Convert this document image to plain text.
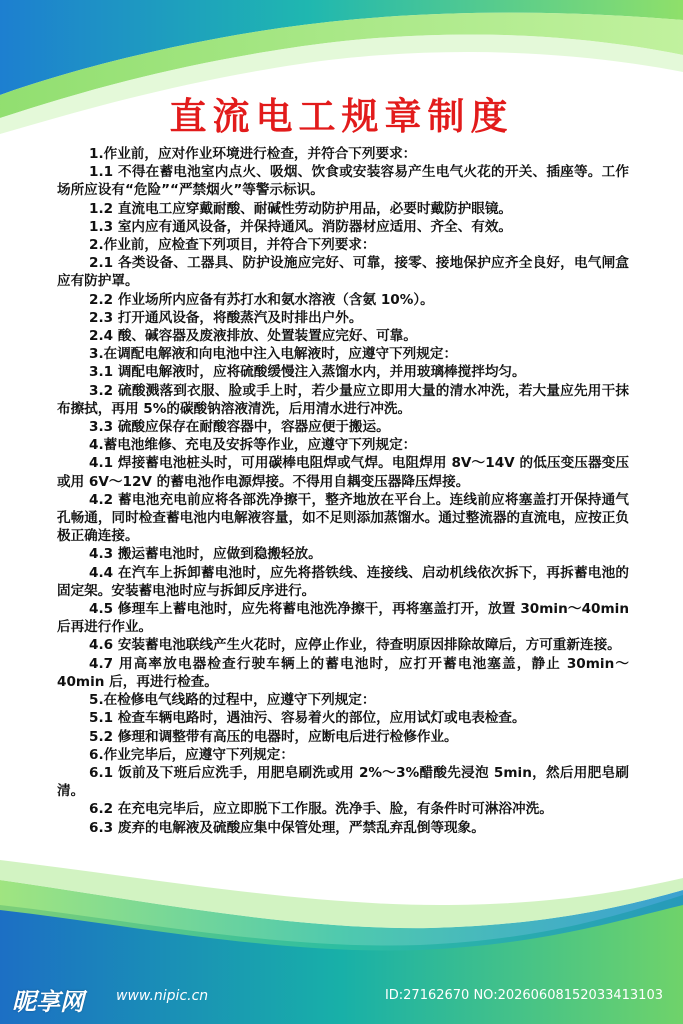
直流电工规章制度

1.作业前，应对作业环境进行检查，并符合下列要求：

1.1 不得在蓄电池室内点火、吸烟、饮食或安装容易产生电气火花的开关、插座等。工作场所应设有“危险”“严禁烟火”等警示标识。

1.2 直流电工应穿戴耐酸、耐碱性劳动防护用品，必要时戴防护眼镜。

1.3 室内应有通风设备，并保持通风。消防器材应适用、齐全、有效。

2.作业前，应检查下列项目，并符合下列要求：

2.1 各类设备、工器具、防护设施应完好、可靠，接零、接地保护应齐全良好，电气闸盒应有防护罩。

2.2 作业场所内应备有苏打水和氨水溶液（含氨 10%）。

2.3 打开通风设备，将酸蒸汽及时排出户外。

2.4 酸、碱容器及废液排放、处置装置应完好、可靠。

3.在调配电解液和向电池中注入电解液时，应遵守下列规定：

3.1 调配电解液时，应将硫酸缓慢注入蒸馏水内，并用玻璃棒搅拌均匀。

3.2 硫酸溅落到衣服、脸或手上时，若少量应立即用大量的清水冲洗，若大量应先用干抹布擦拭，再用 5%的碳酸钠溶液清洗，后用清水进行冲洗。

3.3 硫酸应保存在耐酸容器中，容器应便于搬运。

4.蓄电池维修、充电及安拆等作业，应遵守下列规定：

4.1 焊接蓄电池桩头时，可用碳棒电阻焊或气焊。电阻焊用 8V～14V 的低压变压器变压或用 6V～12V 的蓄电池作电源焊接。不得用自耦变压器降压焊接。

4.2 蓄电池充电前应将各部洗净擦干，整齐地放在平台上。连线前应将塞盖打开保持通气孔畅通，同时检查蓄电池内电解液容量，如不足则添加蒸馏水。通过整流器的直流电，应按正负极正确连接。

4.3 搬运蓄电池时，应做到稳搬轻放。

4.4 在汽车上拆卸蓄电池时，应先将搭铁线、连接线、启动机线依次拆下，再拆蓄电池的固定架。安装蓄电池时应与拆卸反序进行。

4.5 修理车上蓄电池时，应先将蓄电池洗净擦干，再将塞盖打开，放置 30min～40min后再进行作业。

4.6 安装蓄电池联线产生火花时，应停止作业，待查明原因排除故障后，方可重新连接。

4.7 用高率放电器检查行驶车辆上的蓄电池时，应打开蓄电池塞盖，静止 30min～40min 后，再进行检查。

5.在检修电气线路的过程中，应遵守下列规定：

5.1 检查车辆电路时，遇油污、容易着火的部位，应用试灯或电表检查。

5.2 修理和调整带有高压的电器时，应断电后进行检修作业。

6.作业完毕后，应遵守下列规定：

6.1 饭前及下班后应洗手，用肥皂刷洗或用 2%～3%醋酸先浸泡 5min，然后用肥皂刷清。

6.2 在充电完毕后，应立即脱下工作服。洗净手、脸，有条件时可淋浴冲洗。

6.3 废弃的电解液及硫酸应集中保管处理，严禁乱弃乱倒等现象。

昵享网 www.nipic.cn	ID:27162670 NO:20260608152033413103
